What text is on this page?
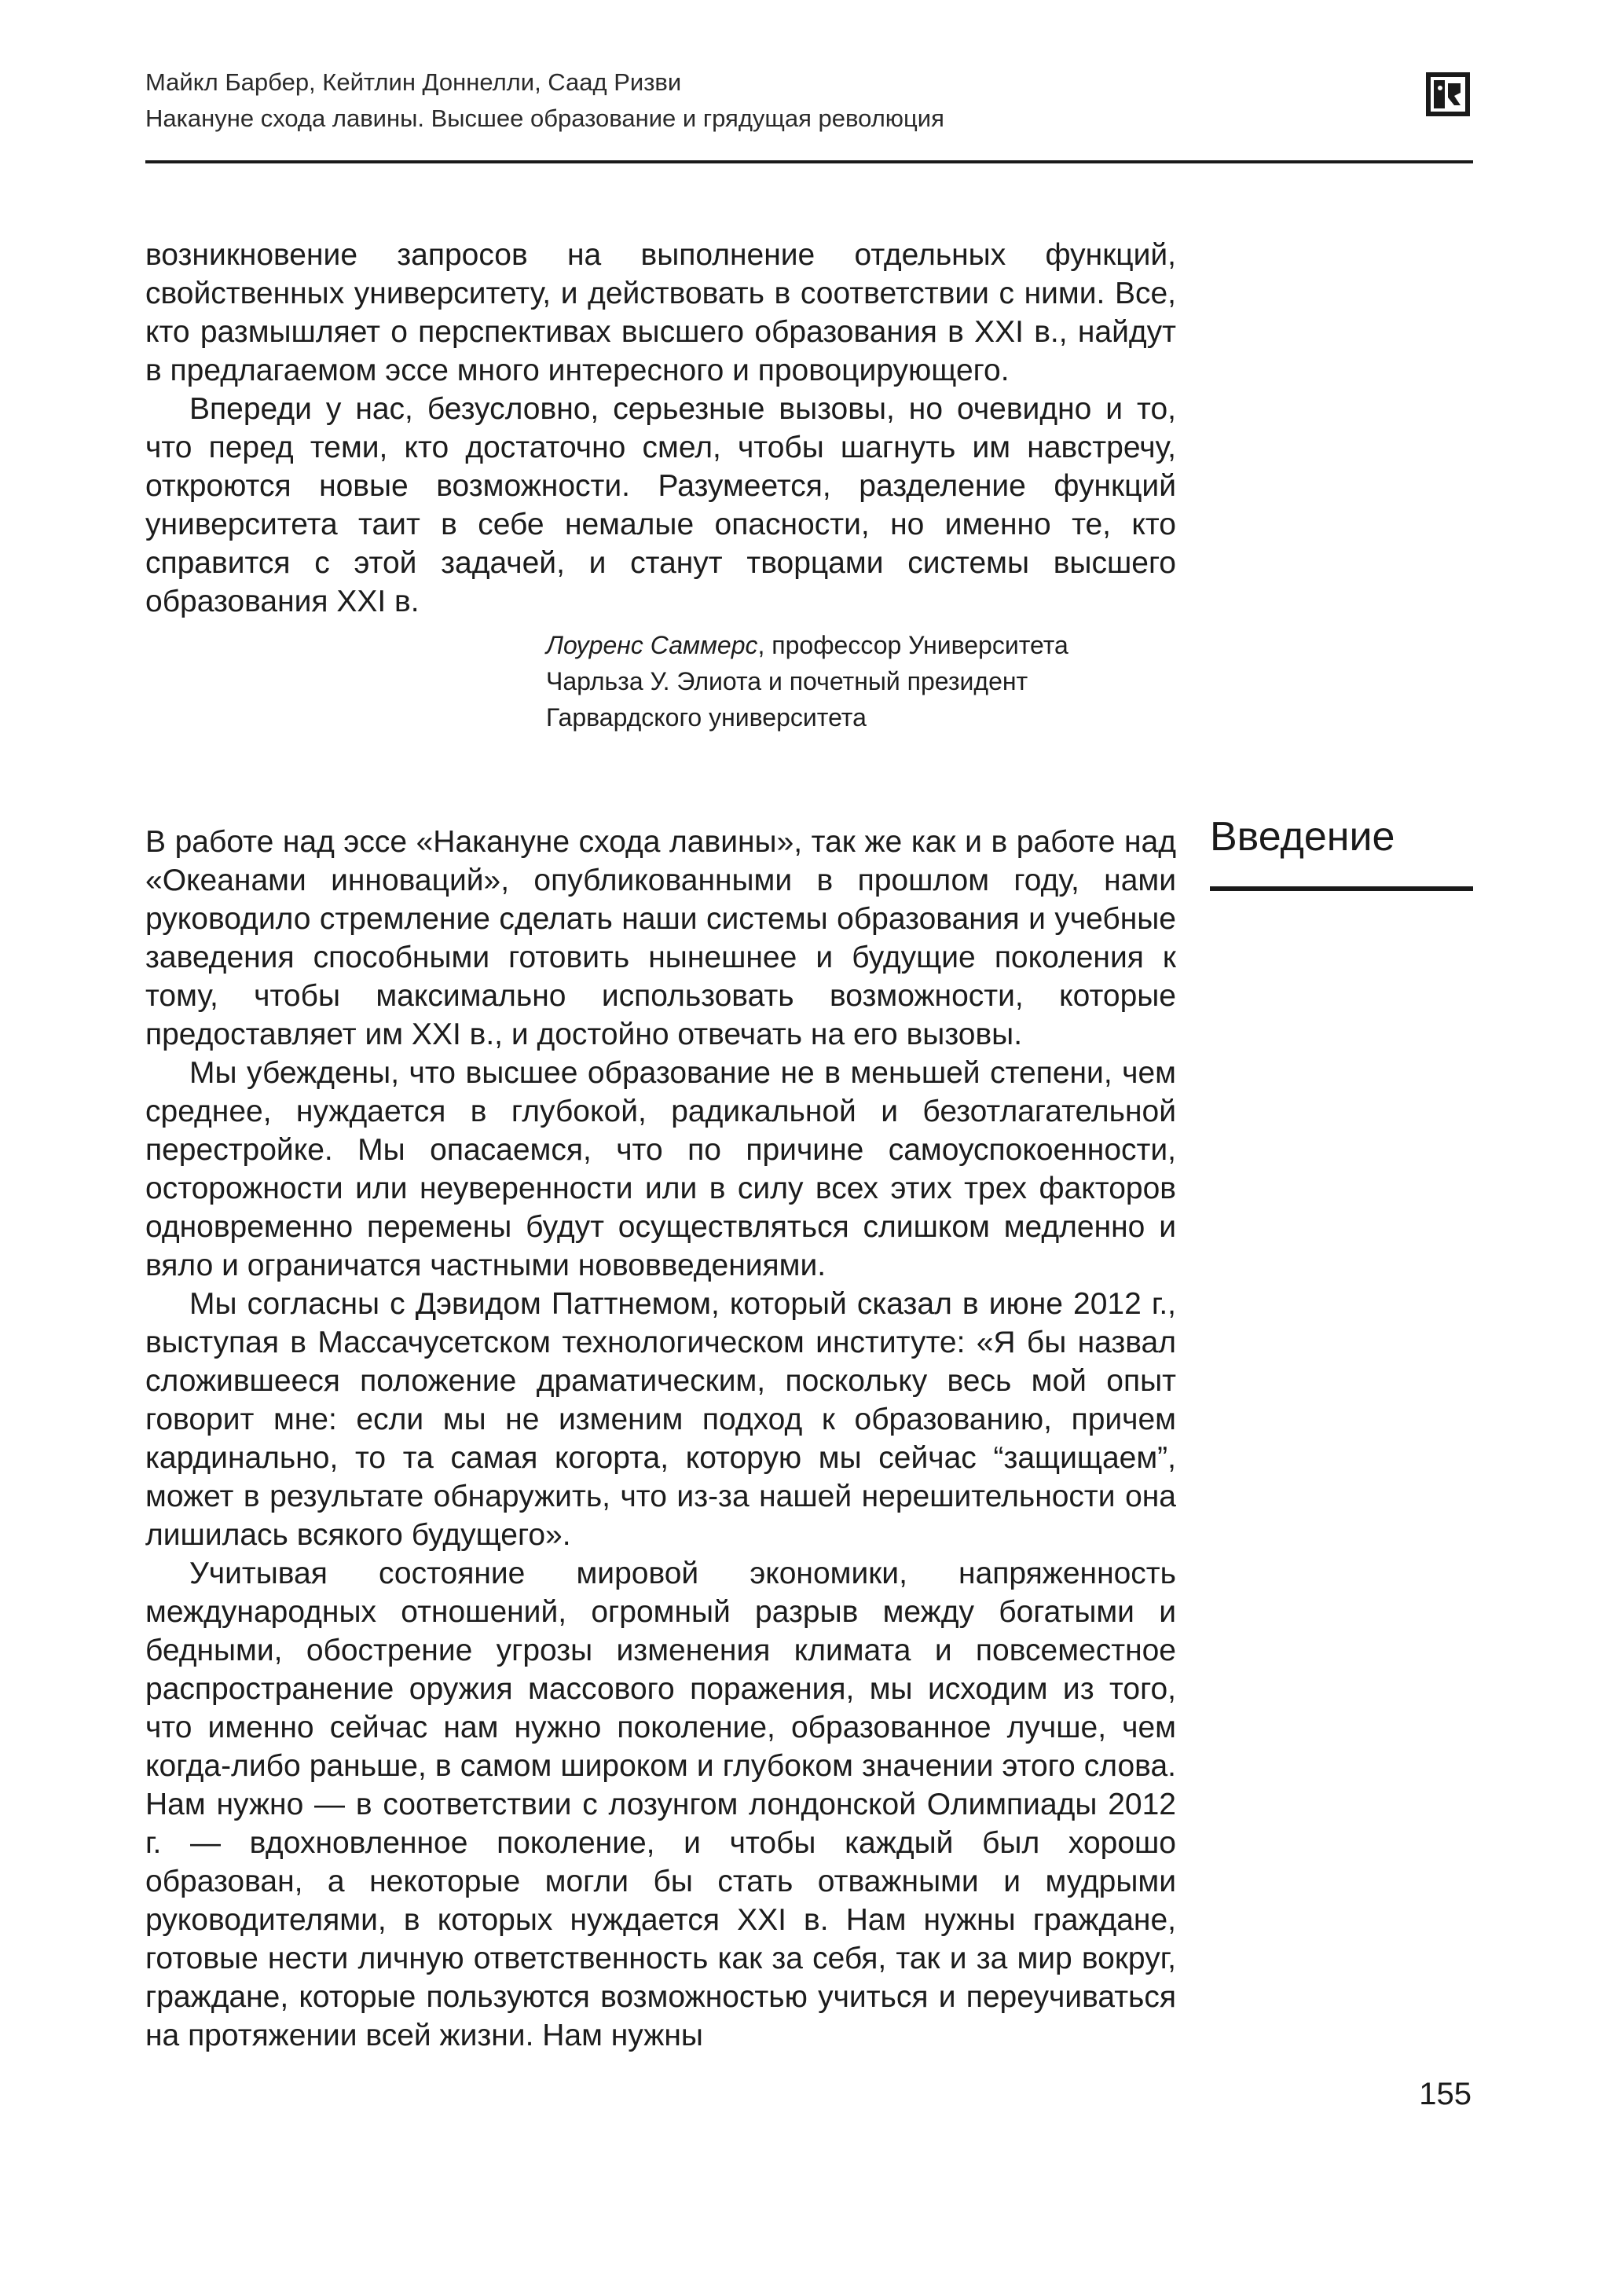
Майкл Барбер, Кейтлин Доннелли, Саад Ризви
Накануне схода лавины. Высшее образование и грядущая революция

возникновение запросов на выполнение отдельных функций, свойственных университету, и действовать в соответствии с ними. Все, кто размышляет о перспективах высшего образования в XXI в., найдут в предлагаемом эссе много интересного и провоцирующего.

Впереди у нас, безусловно, серьезные вызовы, но очевидно и то, что перед теми, кто достаточно смел, чтобы шагнуть им навстречу, откроются новые возможности. Разумеется, разделение функций университета таит в себе немалые опасности, но именно те, кто справится с этой задачей, и станут творцами системы высшего образования XXI в.

Лоуренс Саммерс, профессор Университета
Чарльза У. Элиота и почетный президент
Гарвардского университета
Введение

В работе над эссе «Накануне схода лавины», так же как и в работе над «Океанами инноваций», опубликованными в прошлом году, нами руководило стремление сделать наши системы образования и учебные заведения способными готовить нынешнее и будущие поколения к тому, чтобы максимально использовать возможности, которые предоставляет им XXI в., и достойно отвечать на его вызовы.

Мы убеждены, что высшее образование не в меньшей степени, чем среднее, нуждается в глубокой, радикальной и безотлагательной перестройке. Мы опасаемся, что по причине самоуспокоенности, осторожности или неуверенности или в силу всех этих трех факторов одновременно перемены будут осуществляться слишком медленно и вяло и ограничатся частными нововведениями.

Мы согласны с Дэвидом Паттнемом, который сказал в июне 2012 г., выступая в Массачусетском технологическом институте: «Я бы назвал сложившееся положение драматическим, поскольку весь мой опыт говорит мне: если мы не изменим подход к образованию, причем кардинально, то та самая когорта, которую мы сейчас “защищаем”, может в результате обнаружить, что из-за нашей нерешительности она лишилась всякого будущего».

Учитывая состояние мировой экономики, напряженность международных отношений, огромный разрыв между богатыми и бедными, обострение угрозы изменения климата и повсеместное распространение оружия массового поражения, мы исходим из того, что именно сейчас нам нужно поколение, образованное лучше, чем когда-либо раньше, в самом широком и глубоком значении этого слова. Нам нужно — в соответствии с лозунгом лондонской Олимпиады 2012 г. — вдохновленное поколение, и чтобы каждый был хорошо образован, а некоторые могли бы стать отважными и мудрыми руководителями, в которых нуждается XXI в. Нам нужны граждане, готовые нести личную ответственность как за себя, так и за мир вокруг, граждане, которые пользуются возможностью учиться и переучиваться на протяжении всей жизни. Нам нужны

155
